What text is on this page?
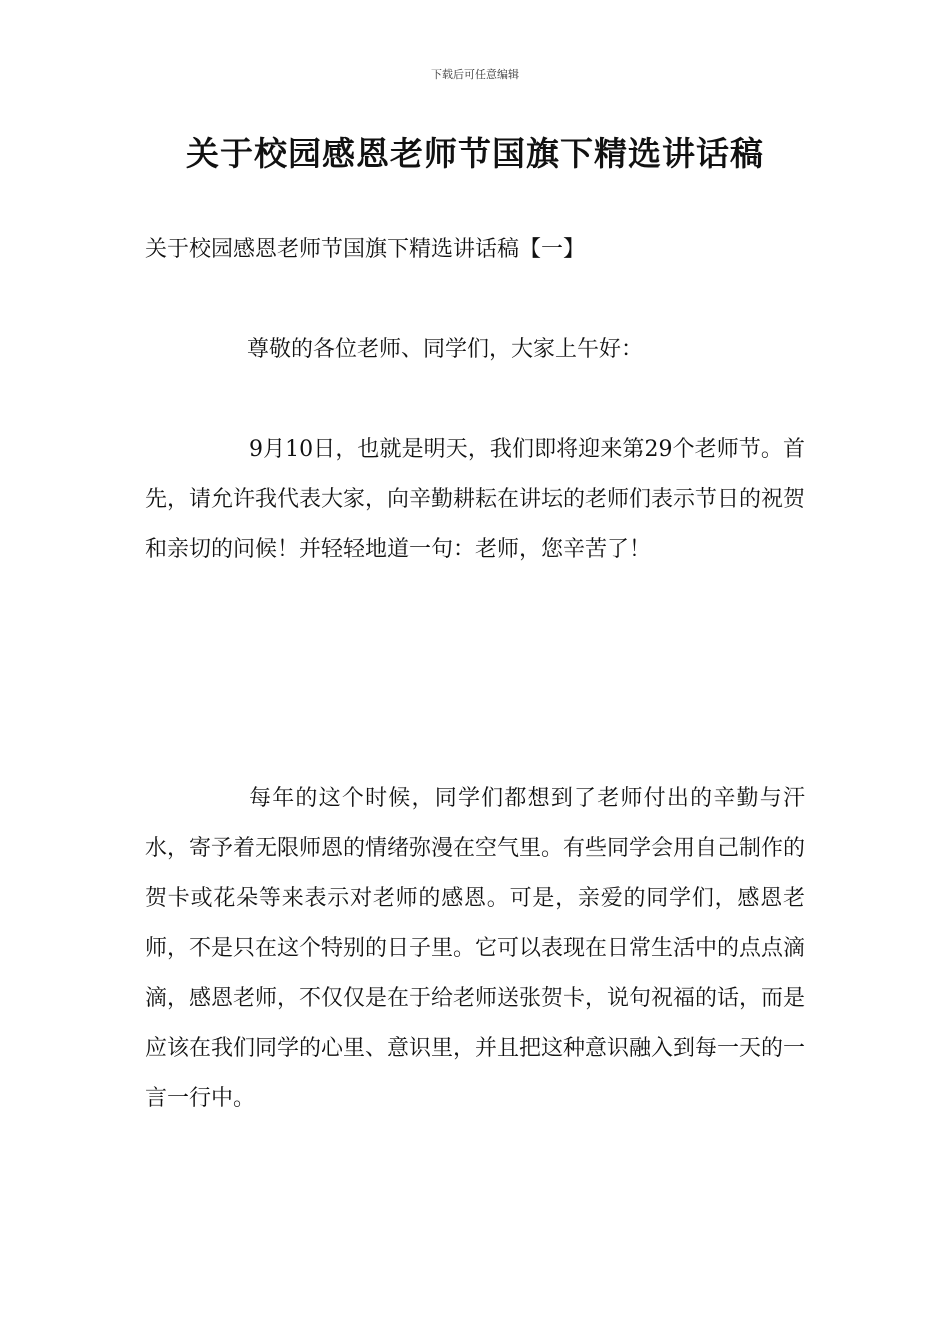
下载后可任意编辑
关于校园感恩老师节国旗下精选讲话稿
关于校园感恩老师节国旗下精选讲话稿【一】
尊敬的各位老师、同学们，大家上午好：

9月10日，也就是明天，我们即将迎来第29个老师节。首先，请允许我代表大家，向辛勤耕耘在讲坛的老师们表示节日的祝贺和亲切的问候！并轻轻地道一句：老师，您辛苦了！

每年的这个时候，同学们都想到了老师付出的辛勤与汗水，寄予着无限师恩的情绪弥漫在空气里。有些同学会用自己制作的贺卡或花朵等来表示对老师的感恩。可是，亲爱的同学们，感恩老师，不是只在这个特别的日子里。它可以表现在日常生活中的点点滴滴，感恩老师，不仅仅是在于给老师送张贺卡，说句祝福的话，而是应该在我们同学的心里、意识里，并且把这种意识融入到每一天的一言一行中。
